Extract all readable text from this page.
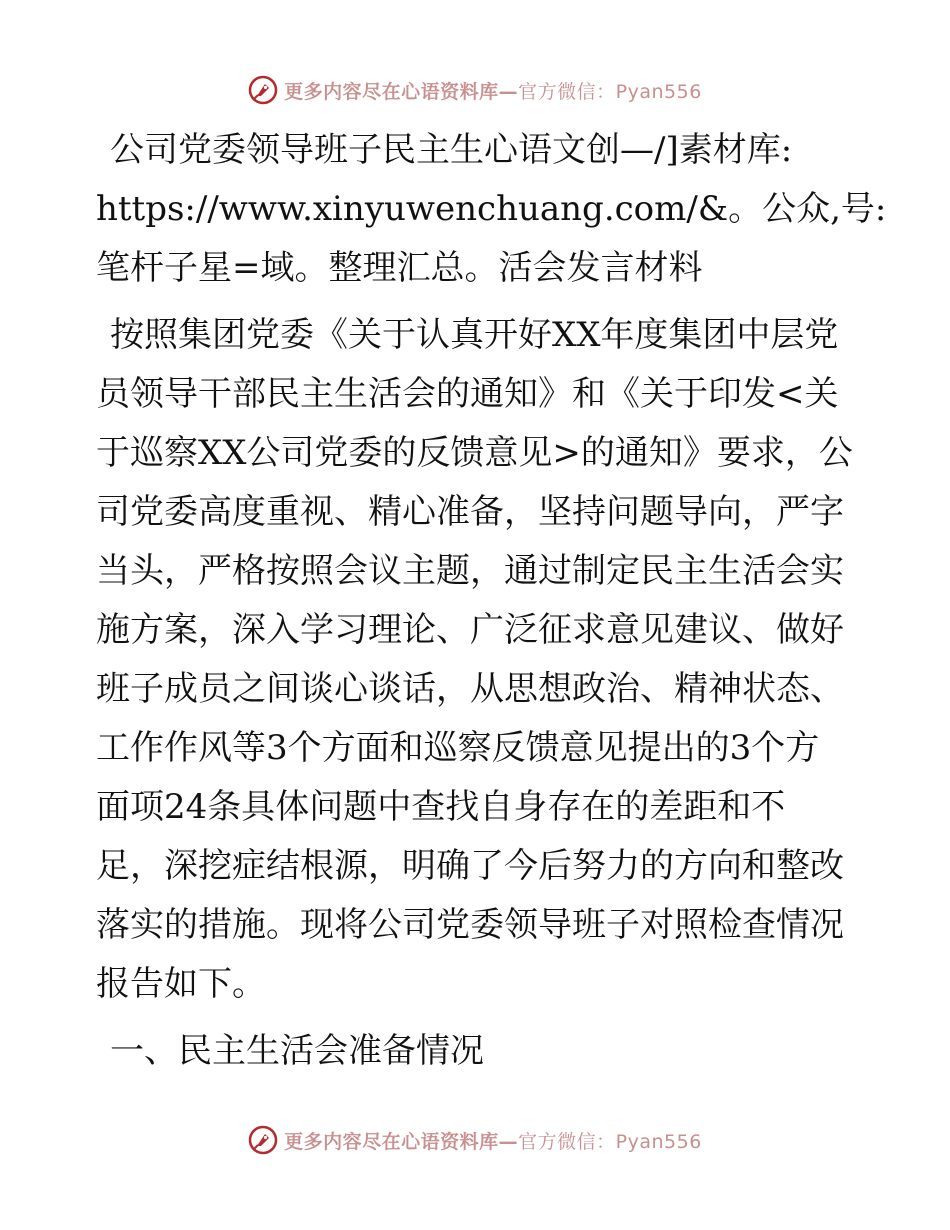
更多内容尽在心语资料库—官方微信：Pyan556
公司党委领导班子民主生心语文创—/]素材库:
https://www.xinyuwenchuang.com/&。公众,号:
笔杆子星=域。整理汇总。活会发言材料
按照集团党委《关于认真开好XX年度集团中层党
员领导干部民主生活会的通知》和《关于印发<关
于巡察XX公司党委的反馈意见>的通知》要求，公
司党委高度重视、精心准备，坚持问题导向，严字
当头，严格按照会议主题，通过制定民主生活会实
施方案，深入学习理论、广泛征求意见建议、做好
班子成员之间谈心谈话，从思想政治、精神状态、
工作作风等3个方面和巡察反馈意见提出的3个方
面项24条具体问题中查找自身存在的差距和不
足，深挖症结根源，明确了今后努力的方向和整改
落实的措施。现将公司党委领导班子对照检查情况
报告如下。
一、民主生活会准备情况
更多内容尽在心语资料库—官方微信：Pyan556
